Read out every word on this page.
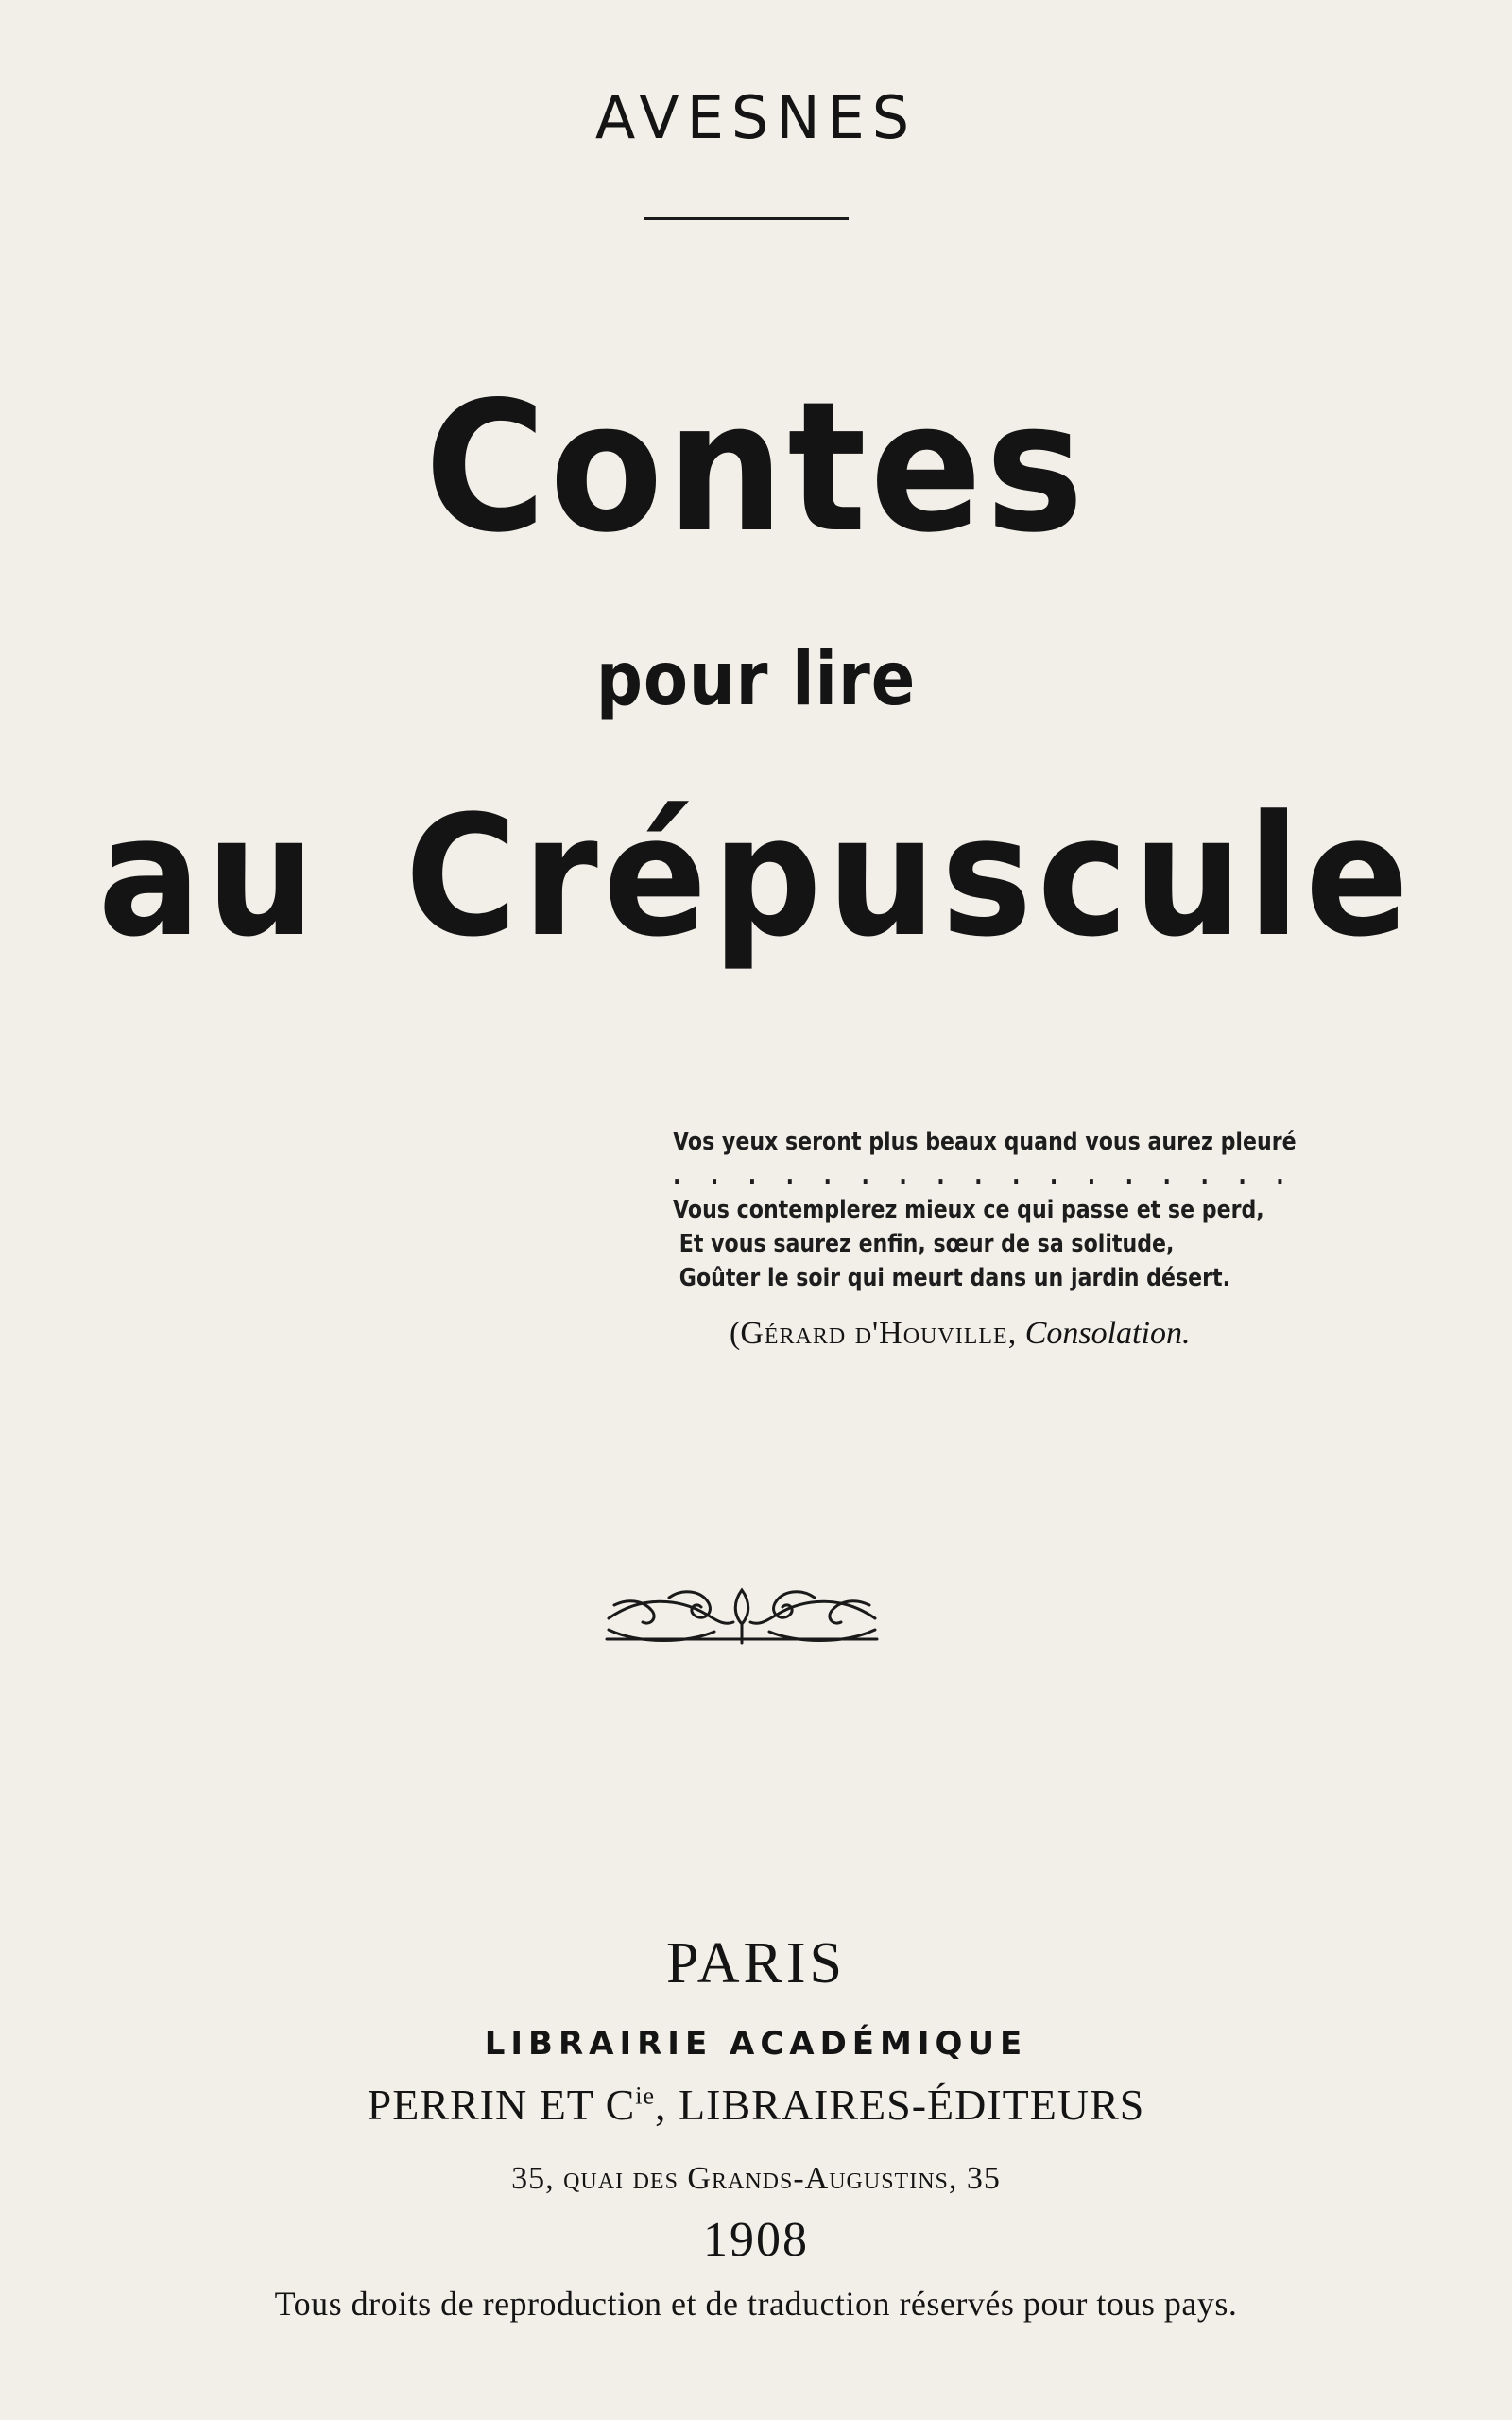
AVESNES
Contes
pour lire
au Crépuscule
Vos yeux seront plus beaux quand vous aurez pleuré
. . . . . . . . . . . . . . . . .
Vous contemplerez mieux ce qui passe et se perd,
Et vous saurez enfin, sœur de sa solitude,
Goûter le soir qui meurt dans un jardin désert.
(Gérard d'Houville, Consolation.
PARIS
LIBRAIRIE ACADÉMIQUE
PERRIN ET $C^{ie}$, LIBRAIRES-ÉDITEURS
35, quai des Grands-Augustins, 35
1908
Tous droits de reproduction et de traduction réservés pour tous pays.
